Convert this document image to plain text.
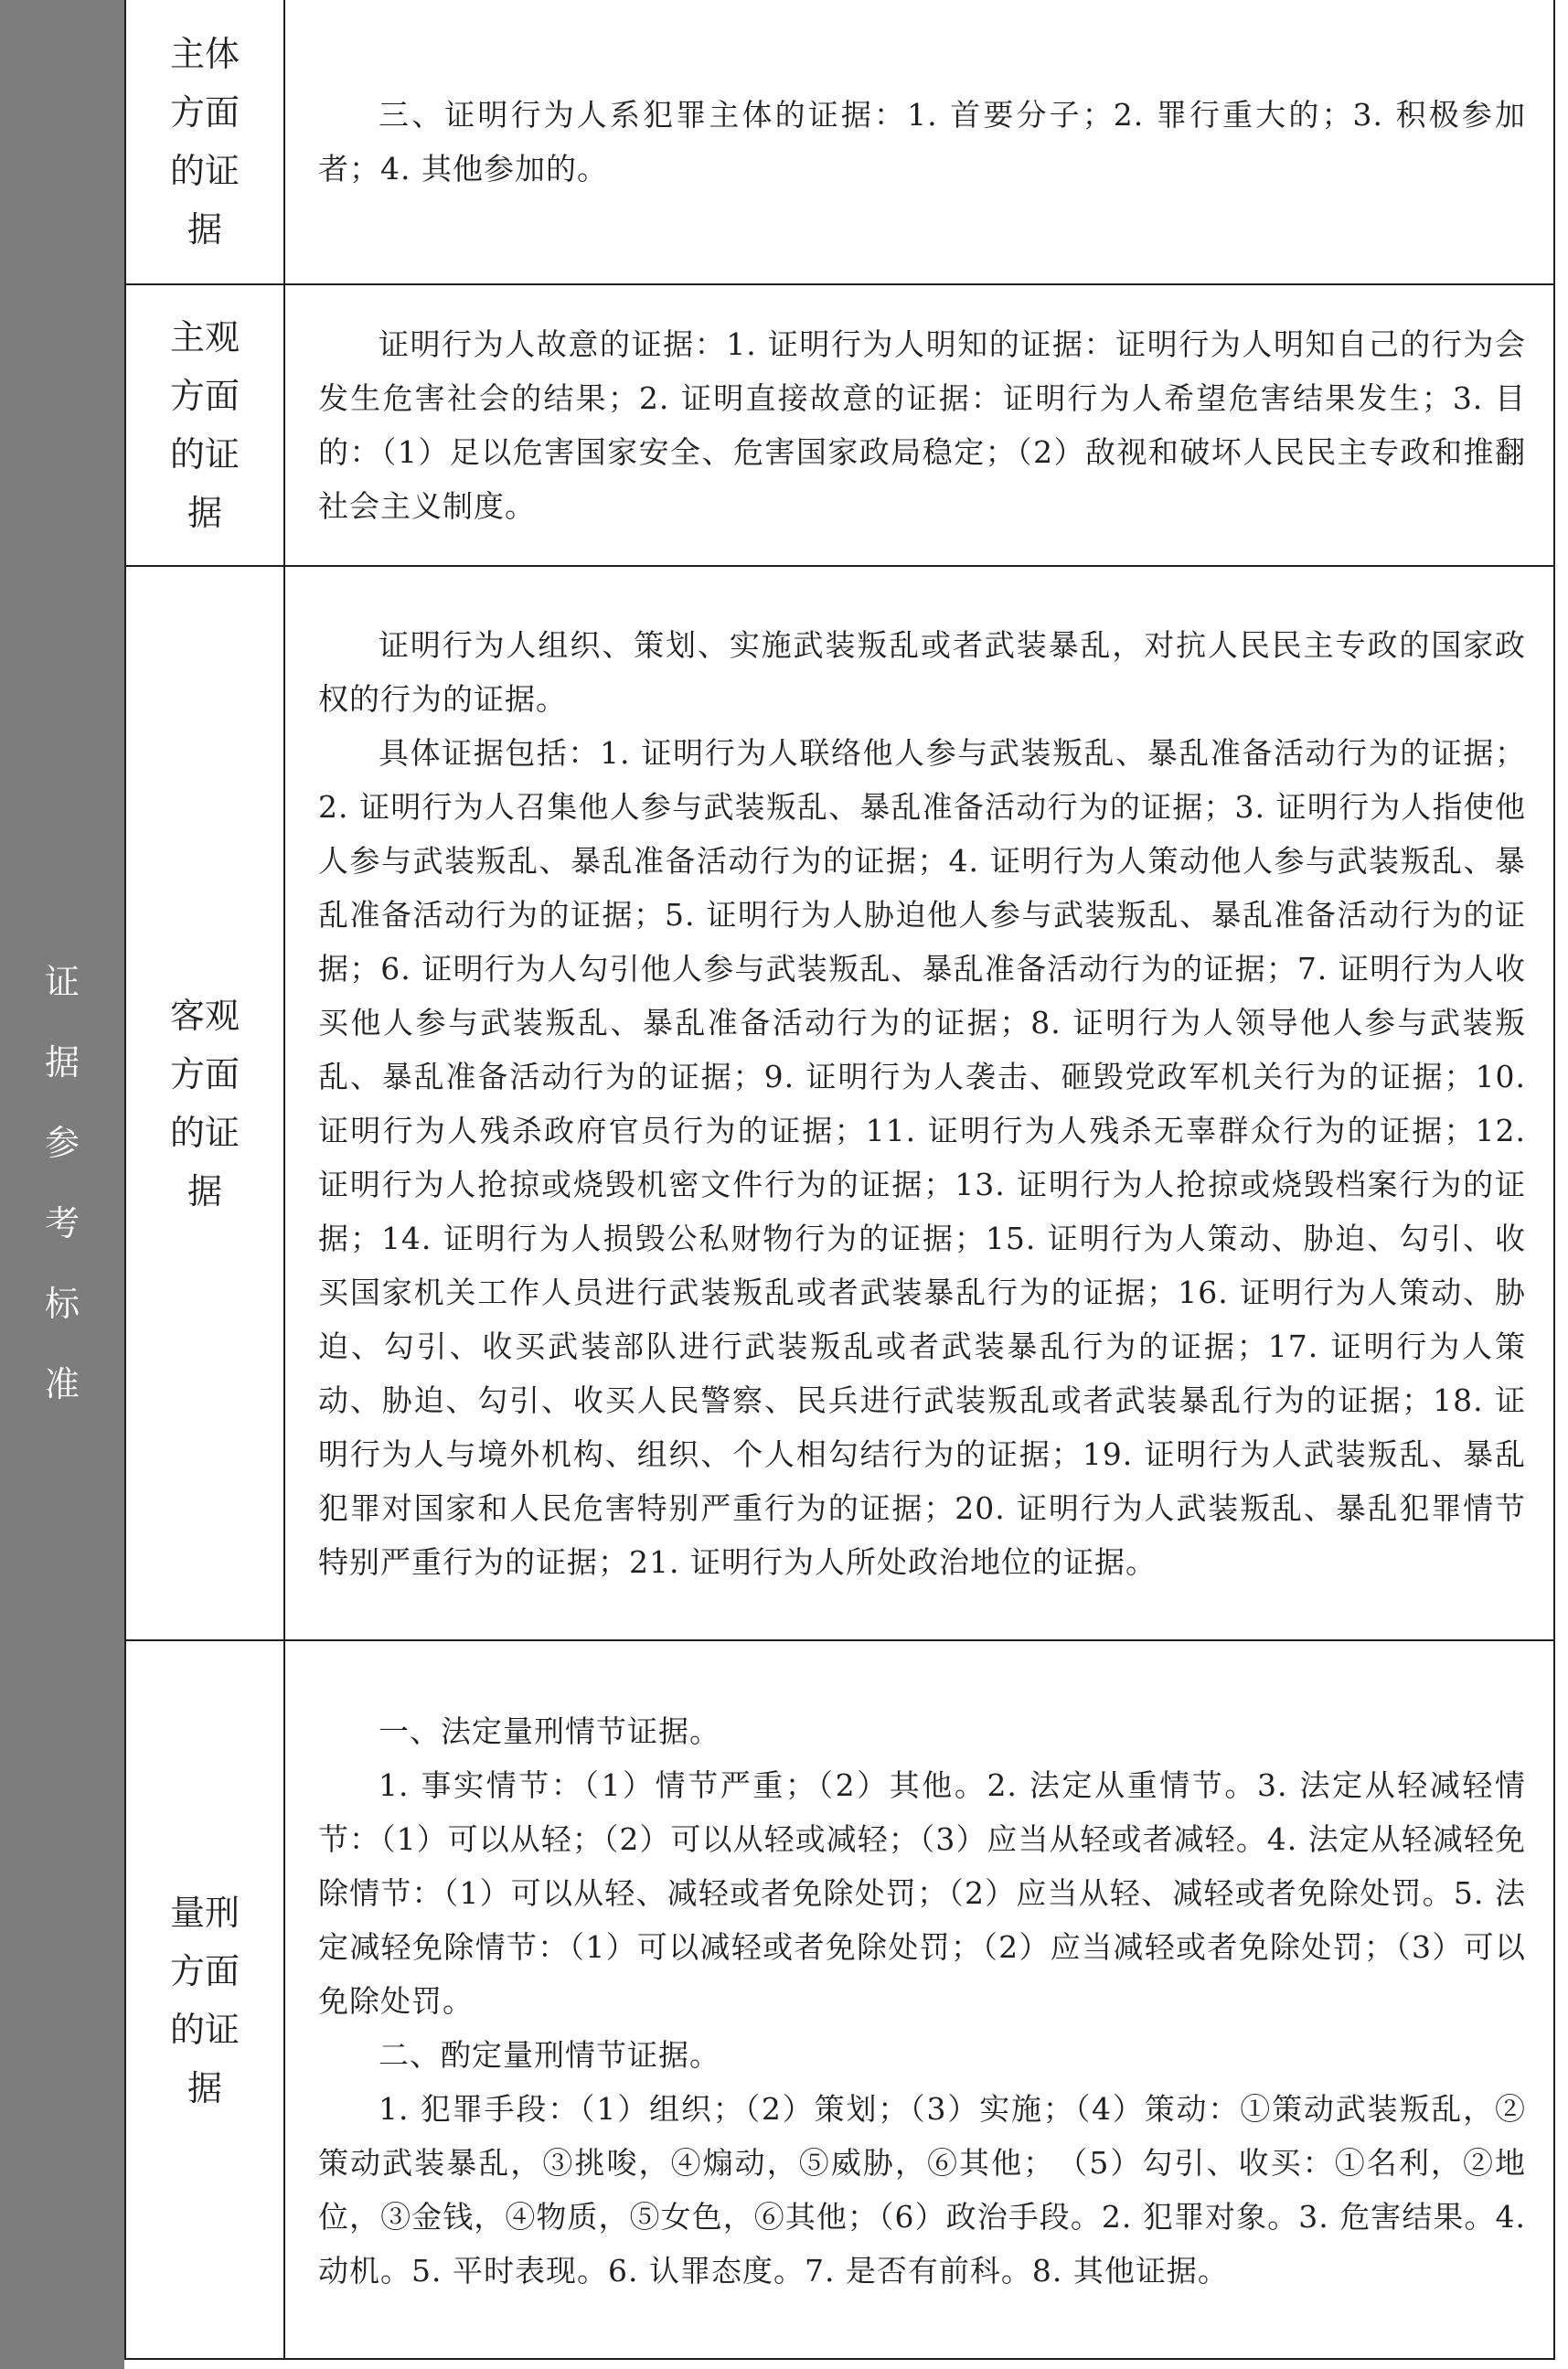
证
据
参
考
标
准
主体方面的证据

三、证明行为人系犯罪主体的证据：1. 首要分子；2. 罪行重大的；3. 积极参加者；4. 其他参加的。

主观方面的证据

证明行为人故意的证据：1. 证明行为人明知的证据：证明行为人明知自己的行为会发生危害社会的结果；2. 证明直接故意的证据：证明行为人希望危害结果发生；3. 目的：（1）足以危害国家安全、危害国家政局稳定；（2）敌视和破坏人民民主专政和推翻社会主义制度。

客观方面的证据

证明行为人组织、策划、实施武装叛乱或者武装暴乱，对抗人民民主专政的国家政权的行为的证据。

具体证据包括：1. 证明行为人联络他人参与武装叛乱、暴乱准备活动行为的证据；2. 证明行为人召集他人参与武装叛乱、暴乱准备活动行为的证据；3. 证明行为人指使他人参与武装叛乱、暴乱准备活动行为的证据；4. 证明行为人策动他人参与武装叛乱、暴乱准备活动行为的证据；5. 证明行为人胁迫他人参与武装叛乱、暴乱准备活动行为的证据；6. 证明行为人勾引他人参与武装叛乱、暴乱准备活动行为的证据；7. 证明行为人收买他人参与武装叛乱、暴乱准备活动行为的证据；8. 证明行为人领导他人参与武装叛乱、暴乱准备活动行为的证据；9. 证明行为人袭击、砸毁党政军机关行为的证据；10. 证明行为人残杀政府官员行为的证据；11. 证明行为人残杀无辜群众行为的证据；12. 证明行为人抢掠或烧毁机密文件行为的证据；13. 证明行为人抢掠或烧毁档案行为的证据；14. 证明行为人损毁公私财物行为的证据；15. 证明行为人策动、胁迫、勾引、收买国家机关工作人员进行武装叛乱或者武装暴乱行为的证据；16. 证明行为人策动、胁迫、勾引、收买武装部队进行武装叛乱或者武装暴乱行为的证据；17. 证明行为人策动、胁迫、勾引、收买人民警察、民兵进行武装叛乱或者武装暴乱行为的证据；18. 证明行为人与境外机构、组织、个人相勾结行为的证据；19. 证明行为人武装叛乱、暴乱犯罪对国家和人民危害特别严重行为的证据；20. 证明行为人武装叛乱、暴乱犯罪情节特别严重行为的证据；21. 证明行为人所处政治地位的证据。

量刑方面的证据

一、法定量刑情节证据。

1. 事实情节：（1）情节严重；（2）其他。2. 法定从重情节。3. 法定从轻减轻情节：（1）可以从轻；（2）可以从轻或减轻；（3）应当从轻或者减轻。4. 法定从轻减轻免除情节：（1）可以从轻、减轻或者免除处罚；（2）应当从轻、减轻或者免除处罚。5. 法定减轻免除情节：（1）可以减轻或者免除处罚；（2）应当减轻或者免除处罚；（3）可以免除处罚。

二、酌定量刑情节证据。

1. 犯罪手段：（1）组织；（2）策划；（3）实施；（4）策动：①策动武装叛乱，②策动武装暴乱，③挑唆，④煽动，⑤威胁，⑥其他；　（5）勾引、收买：①名利，②地位，③金钱，④物质，⑤女色，⑥其他；（6）政治手段。2. 犯罪对象。3. 危害结果。4. 动机。5. 平时表现。6. 认罪态度。7. 是否有前科。8. 其他证据。
